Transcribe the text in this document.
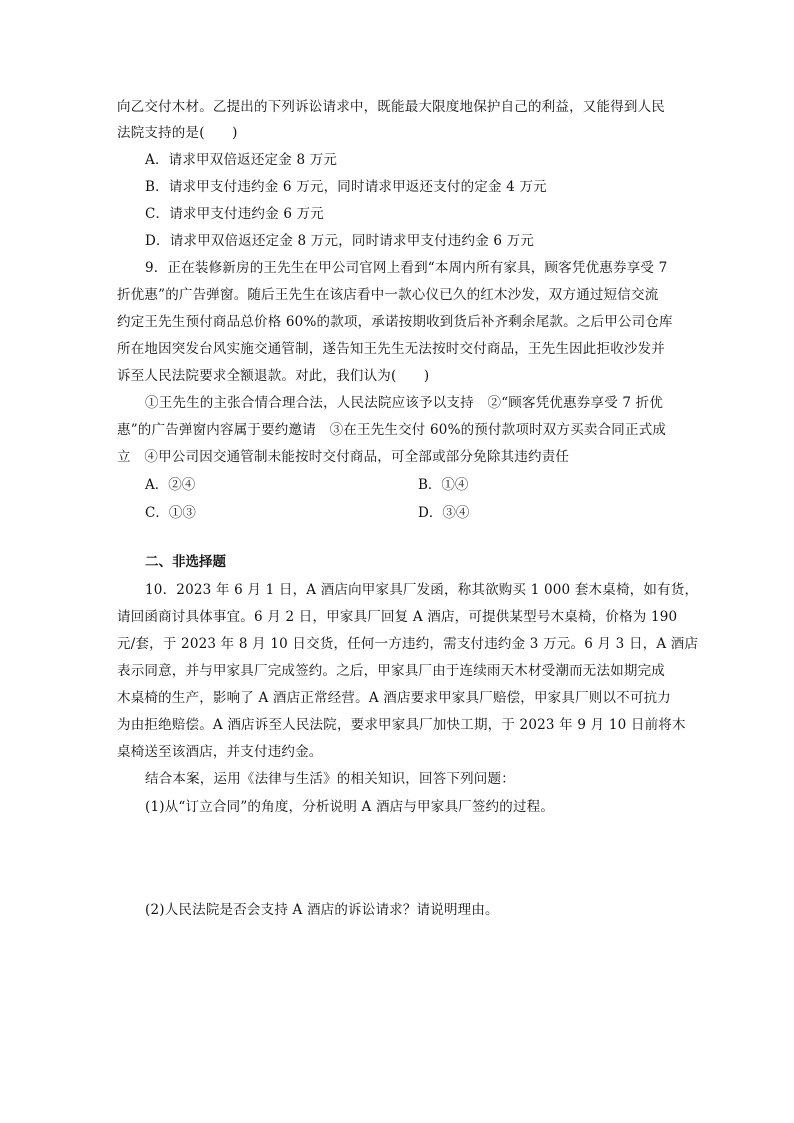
向乙交付木材。乙提出的下列诉讼请求中，既能最大限度地保护自己的利益，又能得到人民
法院支持的是(　　)
A．请求甲双倍返还定金 8 万元
B．请求甲支付违约金 6 万元，同时请求甲返还支付的定金 4 万元
C．请求甲支付违约金 6 万元
D．请求甲双倍返还定金 8 万元，同时请求甲支付违约金 6 万元
9．正在装修新房的王先生在甲公司官网上看到“本周内所有家具，顾客凭优惠券享受 7
折优惠”的广告弹窗。随后王先生在该店看中一款心仪已久的红木沙发，双方通过短信交流
约定王先生预付商品总价格 60%的款项，承诺按期收到货后补齐剩余尾款。之后甲公司仓库
所在地因突发台风实施交通管制，遂告知王先生无法按时交付商品，王先生因此拒收沙发并
诉至人民法院要求全额退款。对此，我们认为(　　)
①王先生的主张合情合理合法，人民法院应该予以支持　②“顾客凭优惠券享受 7 折优
惠”的广告弹窗内容属于要约邀请　③在王先生交付 60%的预付款项时双方买卖合同正式成
立　④甲公司因交通管制未能按时交付商品，可全部或部分免除其违约责任
A．②④	B．①④
C．①③	D．③④
二、非选择题
10．2023 年 6 月 1 日，A 酒店向甲家具厂发函，称其欲购买 1 000 套木桌椅，如有货，
请回函商讨具体事宜。6 月 2 日，甲家具厂回复 A 酒店，可提供某型号木桌椅，价格为 190
元/套，于 2023 年 8 月 10 日交货，任何一方违约，需支付违约金 3 万元。6 月 3 日，A 酒店
表示同意，并与甲家具厂完成签约。之后，甲家具厂由于连续雨天木材受潮而无法如期完成
木桌椅的生产，影响了 A 酒店正常经营。A 酒店要求甲家具厂赔偿，甲家具厂则以不可抗力
为由拒绝赔偿。A 酒店诉至人民法院，要求甲家具厂加快工期，于 2023 年 9 月 10 日前将木
桌椅送至该酒店，并支付违约金。
结合本案，运用《法律与生活》的相关知识，回答下列问题：
(1)从“订立合同”的角度，分析说明 A 酒店与甲家具厂签约的过程。
(2)人民法院是否会支持 A 酒店的诉讼请求？请说明理由。
